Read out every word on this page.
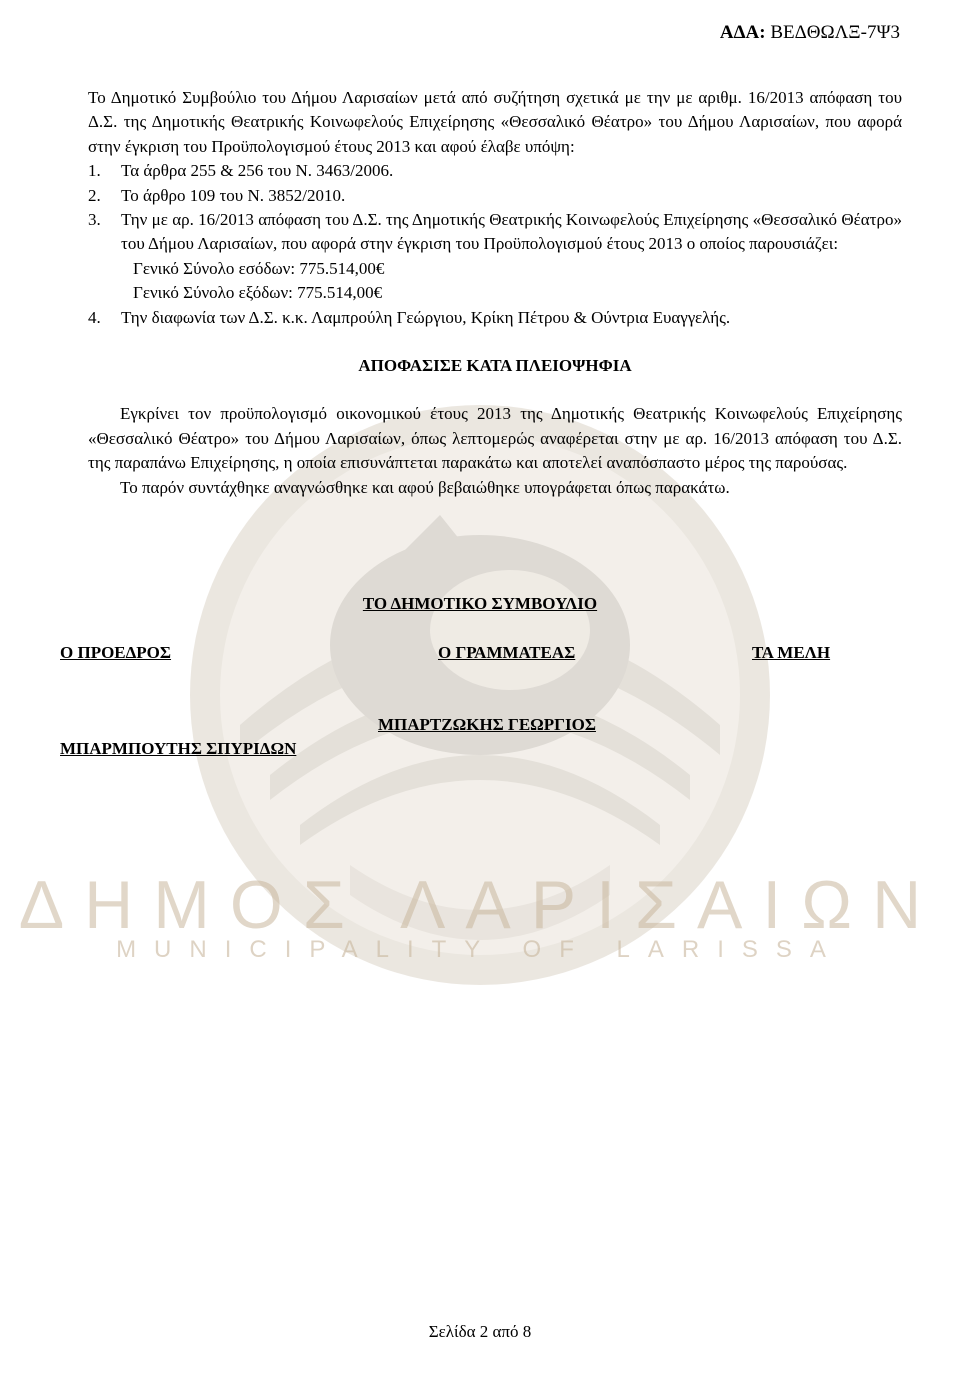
ΔΗΜΟΣ ΛΑΡΙΣΑΙΩΝ
MUNICIPALITY OF LARISSA
ΑΔΑ: ΒΕΔΘΩΛΞ-7Ψ3

Το Δημοτικό Συμβούλιο του Δήμου Λαρισαίων μετά από συζήτηση σχετικά με την με αριθμ. 16/2013 απόφαση του Δ.Σ. της Δημοτικής Θεατρικής Κοινωφελούς Επιχείρησης «Θεσσαλικό Θέατρο» του Δήμου Λαρισαίων, που αφορά στην έγκριση του Προϋπολογισμού έτους 2013 και αφού έλαβε υπόψη:

1.	Τα άρθρα 255 & 256 του Ν. 3463/2006.
2.	Το άρθρο 109 του Ν. 3852/2010.
3.	Την με αρ. 16/2013 απόφαση του Δ.Σ. της Δημοτικής Θεατρικής Κοινωφελούς Επιχείρησης «Θεσσαλικό Θέατρο» του Δήμου Λαρισαίων, που αφορά στην έγκριση του Προϋπολογισμού έτους 2013 ο οποίος παρουσιάζει:
Γενικό Σύνολο εσόδων: 775.514,00€
Γενικό Σύνολο εξόδων: 775.514,00€
4.	Την διαφωνία των Δ.Σ. κ.κ. Λαμπρούλη Γεώργιου, Κρίκη Πέτρου & Ούντρια Ευαγγελής.
ΑΠΟΦΑΣΙΣΕ ΚΑΤΑ ΠΛΕΙΟΨΗΦΙΑ

Εγκρίνει τον προϋπολογισμό οικονομικού έτους 2013 της Δημοτικής Θεατρικής Κοινωφελούς Επιχείρησης «Θεσσαλικό Θέατρο» του Δήμου Λαρισαίων, όπως λεπτομερώς αναφέρεται στην με αρ. 16/2013 απόφαση του Δ.Σ. της παραπάνω Επιχείρησης, η οποία επισυνάπτεται παρακάτω και αποτελεί αναπόσπαστο μέρος της παρούσας.

Το παρόν συντάχθηκε αναγνώσθηκε και αφού βεβαιώθηκε υπογράφεται όπως παρακάτω.

ΤΟ ΔΗΜΟΤΙΚΟ ΣΥΜΒΟΥΛΙΟ
Ο ΠΡΟΕΔΡΟΣ	Ο ΓΡΑΜΜΑΤΕΑΣ	ΤΑ ΜΕΛΗ
ΜΠΑΡΜΠΟΥΤΗΣ ΣΠΥΡΙΔΩΝ
ΜΠΑΡΤΖΩΚΗΣ ΓΕΩΡΓΙΟΣ
Σελίδα 2 από 8
